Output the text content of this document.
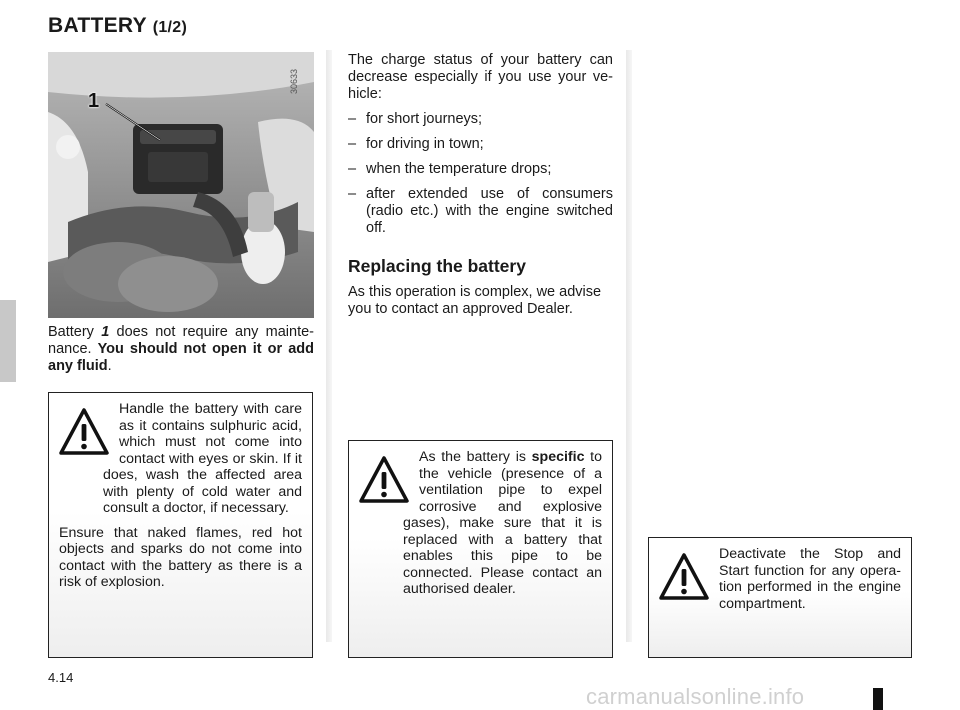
BATTERY (1/2)
1
30633
Battery 1 does not require any mainte-nance. You should not open it or add any fluid.
The charge status of your battery can decrease especially if you use your ve-hicle:
– for short journeys;
– for driving in town;
– when the temperature drops;
– after extended use of consumers (radio etc.) with the engine switched off.
Replacing the battery
As this operation is complex, we advise you to contact an approved Dealer.

Handle the battery with care as it contains sulphuric acid, which must not come into contact with eyes or skin. If it does, wash the affected area with plenty of cold water and consult a doctor, if necessary.

Ensure that naked flames, red hot objects and sparks do not come into contact with the battery as there is a risk of explosion.

As the battery is specific to the vehicle (presence of a ventilation pipe to expel corrosive and explosive gases), make sure that it is replaced with a battery that enables this pipe to be connected. Please contact an authorised dealer.

Deactivate the Stop and Start function for any opera-tion performed in the engine compartment.

4.14
carmanualsonline.info
